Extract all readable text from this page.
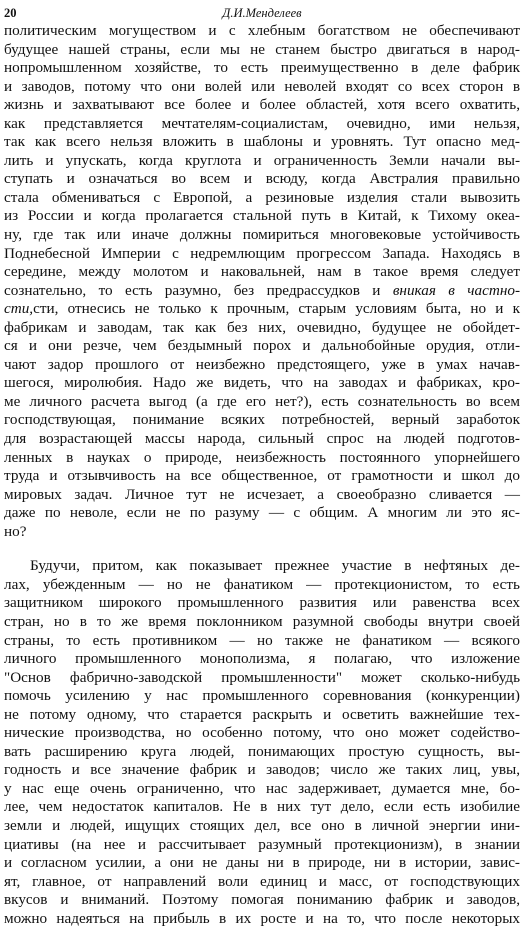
20	Д.И.Менделеев
политическим могуществом и с хлебным богатством не обеспечивают
будущее нашей страны, если мы не станем быстро двигаться в народ-
нопромышленном хозяйстве, то есть преимущественно в деле фабрик
и заводов, потому что они волей или неволей входят со всех сторон в
жизнь и захватывают все более и более областей, хотя всего охватить,
как представляется мечтателям-социалистам, очевидно, ими нельзя,
так как всего нельзя вложить в шаблоны и уровнять. Тут опасно мед-
лить и упускать, когда круглота и ограниченность Земли начали вы-
ступать и означаться во всем и всюду, когда Австралия правильно
стала обмениваться с Европой, а резиновые изделия стали вывозить
из России и когда пролагается стальной путь в Китай, к Тихому океа-
ну, где так или иначе должны помириться многовековые устойчивость
Поднебесной Империи с недремлющим прогрессом Запада. Находясь в
середине, между молотом и наковальней, нам в такое время следует
сознательно, то есть разумно, без предрассудков и вникая в частно-
сти,сти, отнесись не только к прочным, старым условиям быта, но и к
фабрикам и заводам, так как без них, очевидно, будущее не обойдет-
ся и они резче, чем бездымный порох и дальнобойные орудия, отли-
чают задор прошлого от неизбежно предстоящего, уже в умах начав-
шегося, миролюбия. Надо же видеть, что на заводах и фабриках, кро-
ме личного расчета выгод (а где его нет?), есть сознательность во всем
господствующая, понимание всяких потребностей, верный заработок
для возрастающей массы народа, сильный спрос на людей подготов-
ленных в науках о природе, неизбежность постоянного упорнейшего
труда и отзывчивость на все общественное, от грамотности и школ до
мировых задач. Личное тут не исчезает, а своеобразно сливается —
даже по неволе, если не по разуму — с общим. А многим ли это яс-
но?
Будучи, притом, как показывает прежнее участие в нефтяных де-
лах, убежденным — но не фанатиком — протекционистом, то есть
защитником широкого промышленного развития или равенства всех
стран, но в то же время поклонником разумной свободы внутри своей
страны, то есть противником — но также не фанатиком — всякого
личного промышленного монополизма, я полагаю, что изложение
"Основ фабрично-заводской промышленности" может сколько-нибудь
помочь усилению у нас промышленного соревнования (конкуренции)
не потому одному, что старается раскрыть и осветить важнейшие тех-
нические производства, но особенно потому, что оно может содейство-
вать расширению круга людей, понимающих простую сущность, вы-
годность и все значение фабрик и заводов; число же таких лиц, увы,
у нас еще очень ограниченно, что нас задерживает, думается мне, бо-
лее, чем недостаток капиталов. Не в них тут дело, если есть изобилие
земли и людей, ищущих стоящих дел, все оно в личной энергии ини-
циативы (на нее и рассчитывает разумный протекционизм), в знании
и согласном усилии, а они не даны ни в природе, ни в истории, завис-
ят, главное, от направлений воли единиц и масс, от господствующих
вкусов и вниманий. Поэтому помогая пониманию фабрик и заводов,
можно надеяться на прибыль в их росте и на то, что после некоторых
